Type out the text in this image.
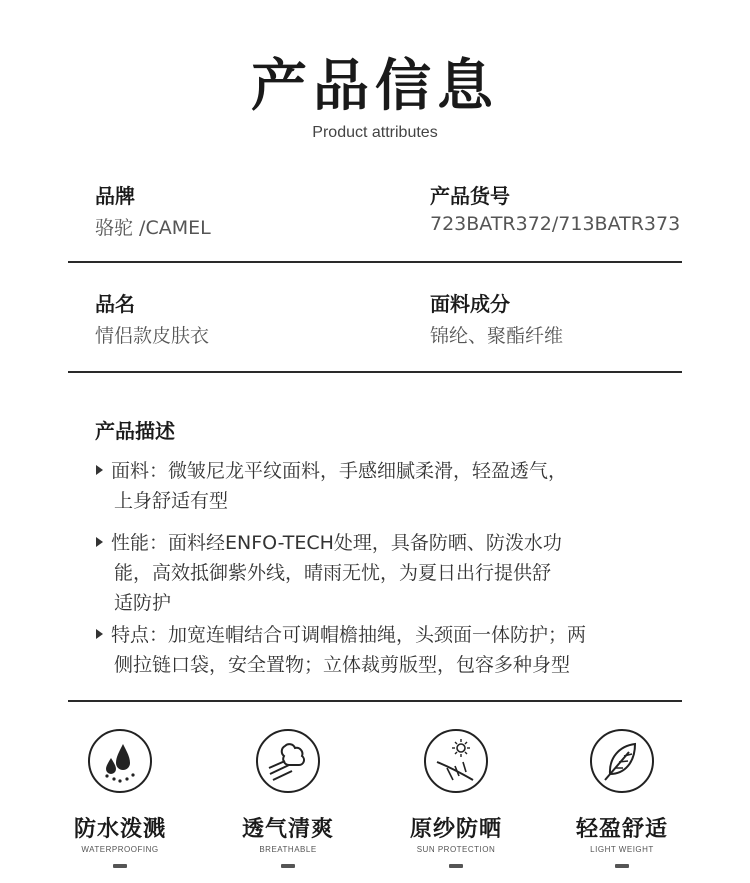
产品信息
Product attributes
品牌
骆驼 /CAMEL
产品货号
723BATR372/713BATR373
品名
情侣款皮肤衣
面料成分
锦纶、聚酯纤维
产品描述
面料：微皱尼龙平纹面料，手感细腻柔滑，轻盈透气，
上身舒适有型
性能：面料经ENFO-TECH处理，具备防晒、防泼水功
能，高效抵御紫外线，晴雨无忧，为夏日出行提供舒
适防护
特点：加宽连帽结合可调帽檐抽绳，头颈面一体防护；两
侧拉链口袋，安全置物；立体裁剪版型，包容多种身型
防水泼溅
WATERPROOFING
透气清爽
BREATHABLE
原纱防晒
SUN PROTECTION
轻盈舒适
LIGHT WEIGHT
